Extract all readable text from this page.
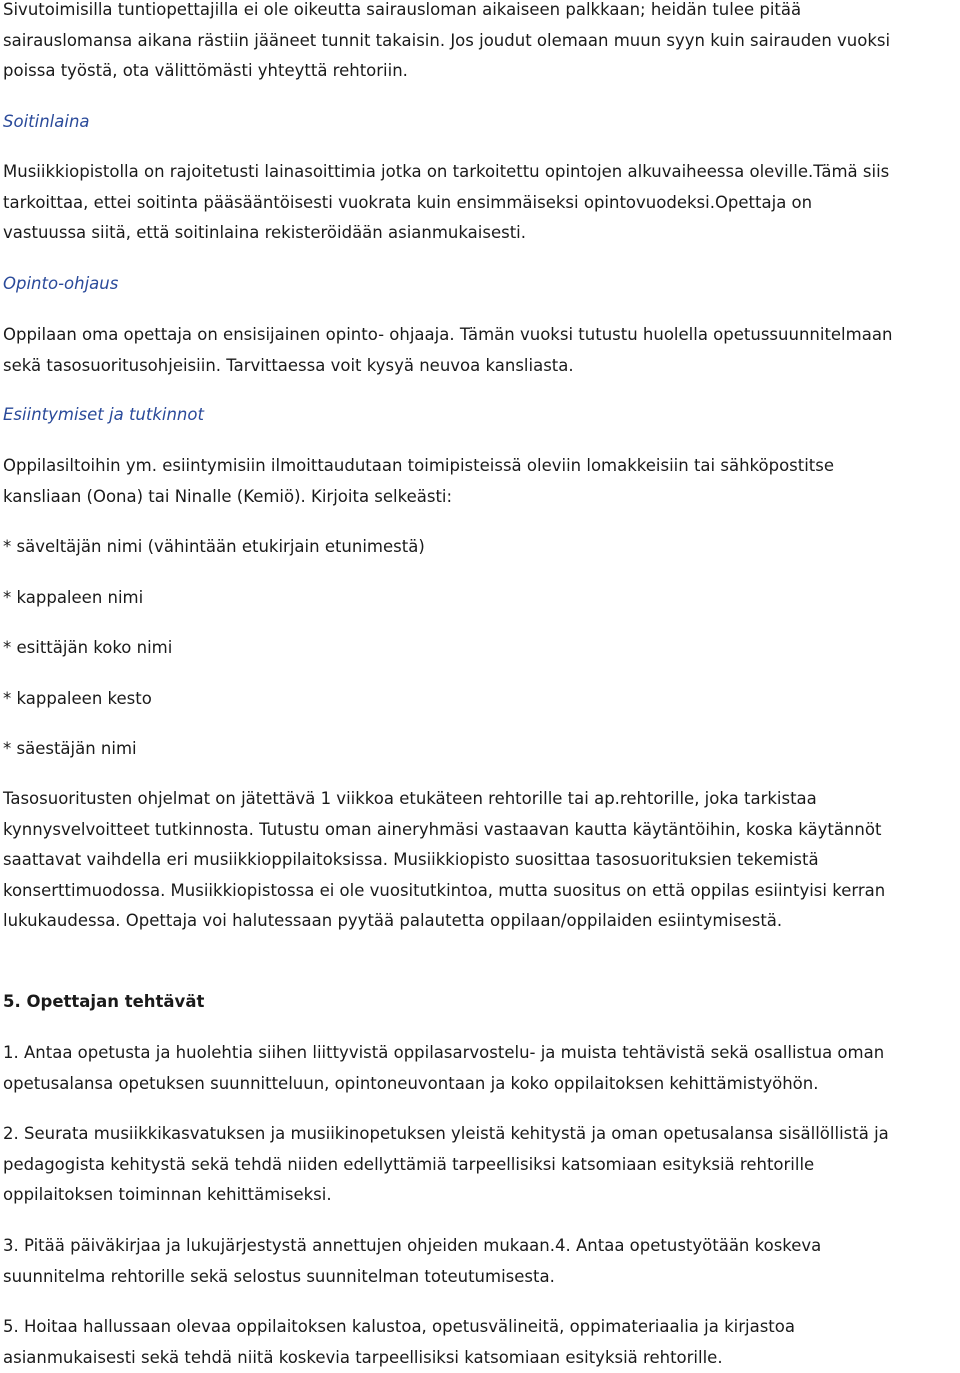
Sivutoimisilla tuntiopettajilla ei ole oikeutta sairausloman aikaiseen palkkaan; heidän tulee pitää

sairauslomansa aikana rästiin jääneet tunnit takaisin. Jos joudut olemaan muun syyn kuin sairauden vuoksi

poissa työstä, ota välittömästi yhteyttä rehtoriin.

Soitinlaina

Musiikkiopistolla on rajoitetusti lainasoittimia jotka on tarkoitettu opintojen alkuvaiheessa oleville.Tämä siis

tarkoittaa, ettei soitinta pääsääntöisesti vuokrata kuin ensimmäiseksi opintovuodeksi.Opettaja on

vastuussa siitä, että soitinlaina rekisteröidään asianmukaisesti.

Opinto-ohjaus

Oppilaan oma opettaja on ensisijainen opinto- ohjaaja. Tämän vuoksi tutustu huolella opetussuunnitelmaan

sekä tasosuoritusohjeisiin. Tarvittaessa voit kysyä neuvoa kansliasta.

Esiintymiset ja tutkinnot

Oppilasiltoihin ym. esiintymisiin ilmoittaudutaan toimipisteissä oleviin lomakkeisiin tai sähköpostitse

kansliaan (Oona) tai Ninalle (Kemiö). Kirjoita selkeästi:

* säveltäjän nimi (vähintään etukirjain etunimestä)

* kappaleen nimi

* esittäjän koko nimi

* kappaleen kesto

* säestäjän nimi

Tasosuoritusten ohjelmat on jätettävä 1 viikkoa etukäteen rehtorille tai ap.rehtorille, joka tarkistaa

kynnysvelvoitteet tutkinnosta. Tutustu oman aineryhmäsi vastaavan kautta käytäntöihin, koska käytännöt

saattavat vaihdella eri musiikkioppilaitoksissa. Musiikkiopisto suosittaa tasosuorituksien tekemistä

konserttimuodossa. Musiikkiopistossa ei ole vuositutkintoa, mutta suositus on että oppilas esiintyisi kerran

lukukaudessa. Opettaja voi halutessaan pyytää palautetta oppilaan/oppilaiden esiintymisestä.

5. Opettajan tehtävät

1. Antaa opetusta ja huolehtia siihen liittyvistä oppilasarvostelu- ja muista tehtävistä sekä osallistua oman

opetusalansa opetuksen suunnitteluun, opintoneuvontaan ja koko oppilaitoksen kehittämistyöhön.

2. Seurata musiikkikasvatuksen ja musiikinopetuksen yleistä kehitystä ja oman opetusalansa sisällöllistä ja

pedagogista kehitystä sekä tehdä niiden edellyttämiä tarpeellisiksi katsomiaan esityksiä rehtorille

oppilaitoksen toiminnan kehittämiseksi.

3. Pitää päiväkirjaa ja lukujärjestystä annettujen ohjeiden mukaan.4. Antaa opetustyötään koskeva

suunnitelma rehtorille sekä selostus suunnitelman toteutumisesta.

5. Hoitaa hallussaan olevaa oppilaitoksen kalustoa, opetusvälineitä, oppimateriaalia ja kirjastoa

asianmukaisesti sekä tehdä niitä koskevia tarpeellisiksi katsomiaan esityksiä rehtorille.
